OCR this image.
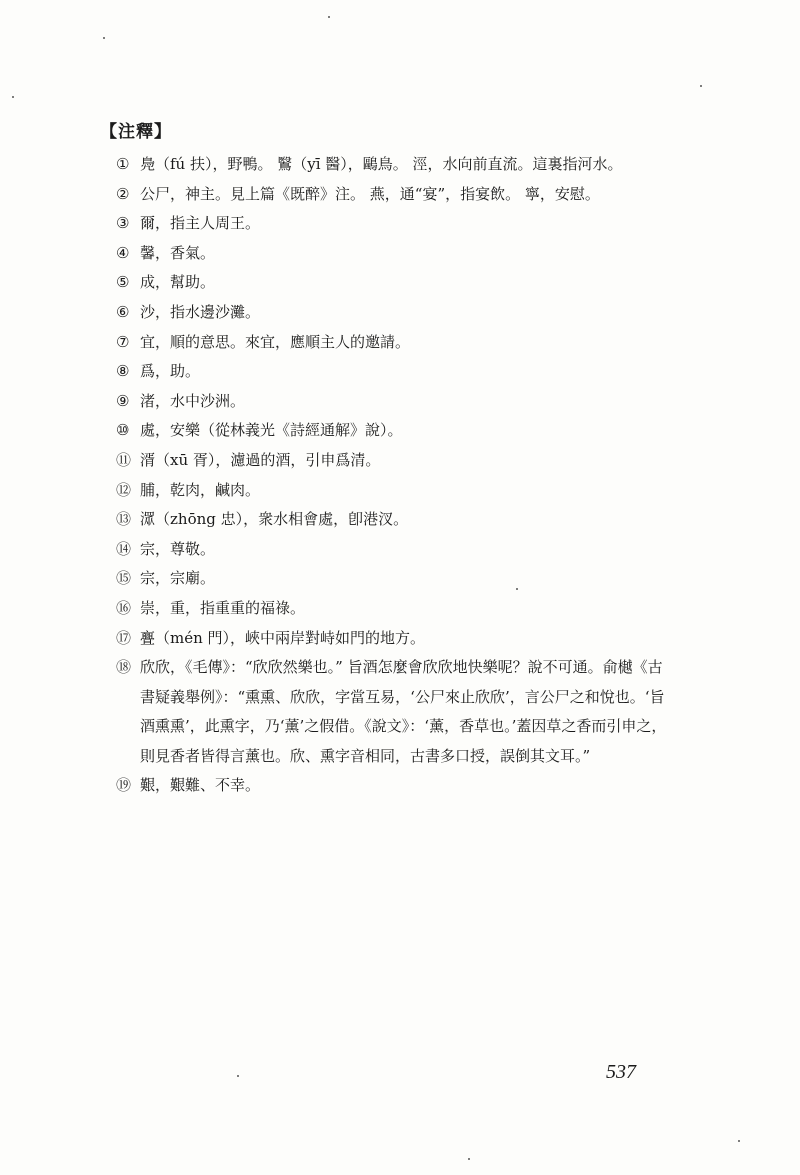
【注釋】
① 鳧（fú 扶），野鴨。 鷖（yī 醫），鷗鳥。 涇，水向前直流。這裏指河水。
② 公尸，神主。見上篇《既醉》注。 燕，通“宴”，指宴飲。 寧，安慰。
③ 爾，指主人周王。
④ 馨，香氣。
⑤ 成，幫助。
⑥ 沙，指水邊沙灘。
⑦ 宜，順的意思。來宜，應順主人的邀請。
⑧ 爲，助。
⑨ 渚，水中沙洲。
⑩ 處，安樂（從林義光《詩經通解》說）。
⑪ 湑（xū 胥），濾過的酒，引申爲清。
⑫ 脯，乾肉，鹹肉。
⑬ 潀（zhōng 忠），衆水相會處，卽港汊。
⑭ 宗，尊敬。
⑮ 宗，宗廟。
⑯ 崇，重，指重重的福祿。
⑰ 亹（mén 門），峽中兩岸對峙如門的地方。
⑱ 欣欣，《毛傳》：“欣欣然樂也。” 旨酒怎麼會欣欣地快樂呢？說不可通。俞樾《古書疑義舉例》：“熏熏、欣欣，字當互易，‘公尸來止欣欣’，言公尸之和悅也。‘旨酒熏熏’，此熏字，乃‘薰’之假借。《說文》：‘薰，香草也。’蓋因草之香而引申之，則見香者皆得言薰也。欣、熏字音相同，古書多口授，誤倒其文耳。”
⑲ 艱，艱難、不幸。
537
